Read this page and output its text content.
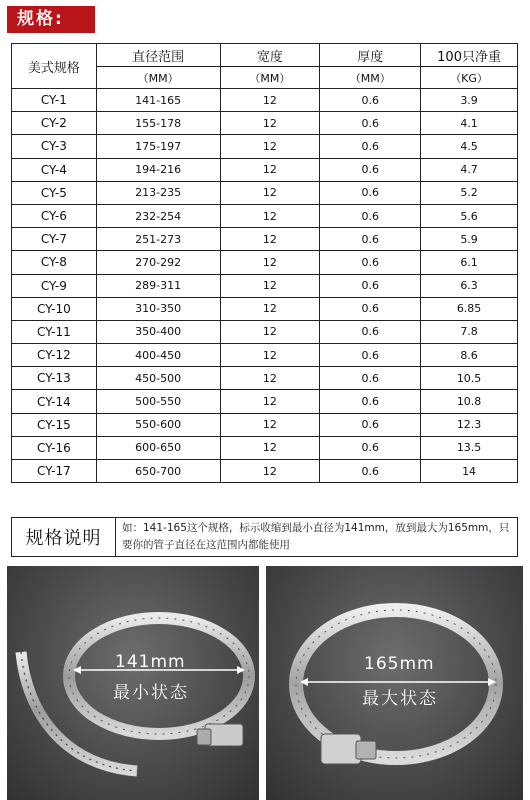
规格:
美式规格	直径范围	宽度	厚度	100只净重
	（MM）	（MM）	（MM）	（KG）
CY-1	141-165	12	0.6	3.9
CY-2	155-178	12	0.6	4.1
CY-3	175-197	12	0.6	4.5
CY-4	194-216	12	0.6	4.7
CY-5	213-235	12	0.6	5.2
CY-6	232-254	12	0.6	5.6
CY-7	251-273	12	0.6	5.9
CY-8	270-292	12	0.6	6.1
CY-9	289-311	12	0.6	6.3
CY-10	310-350	12	0.6	6.85
CY-11	350-400	12	0.6	7.8
CY-12	400-450	12	0.6	8.6
CY-13	450-500	12	0.6	10.5
CY-14	500-550	12	0.6	10.8
CY-15	550-600	12	0.6	12.3
CY-16	600-650	12	0.6	13.5
CY-17	650-700	12	0.6	14
规格说明	如：141-165这个规格，标示收缩到最小直径为141mm，放到最大为165mm，只要你的管子直径在这范围内都能使用
141mm
最小状态
165mm
最大状态
